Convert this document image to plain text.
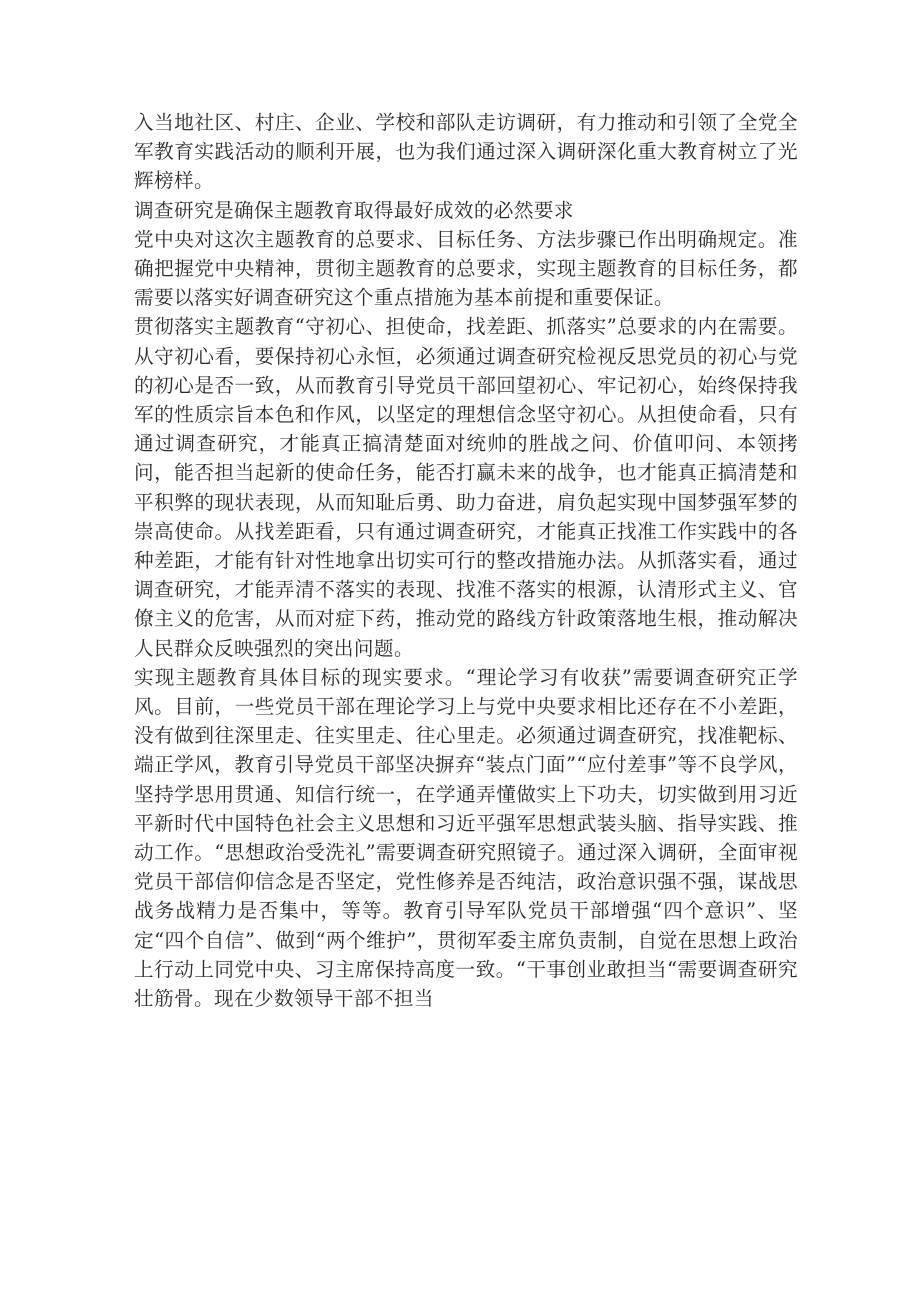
入当地社区、村庄、企业、学校和部队走访调研，有力推动和引领了全党全军教育实践活动的顺利开展，也为我们通过深入调研深化重大教育树立了光辉榜样。

调查研究是确保主题教育取得最好成效的必然要求

党中央对这次主题教育的总要求、目标任务、方法步骤已作出明确规定。准确把握党中央精神，贯彻主题教育的总要求，实现主题教育的目标任务，都需要以落实好调查研究这个重点措施为基本前提和重要保证。

贯彻落实主题教育“守初心、担使命，找差距、抓落实”总要求的内在需要。从守初心看，要保持初心永恒，必须通过调查研究检视反思党员的初心与党的初心是否一致，从而教育引导党员干部回望初心、牢记初心，始终保持我军的性质宗旨本色和作风，以坚定的理想信念坚守初心。从担使命看，只有通过调查研究，才能真正搞清楚面对统帅的胜战之问、价值叩问、本领拷问，能否担当起新的使命任务，能否打赢未来的战争，也才能真正搞清楚和平积弊的现状表现，从而知耻后勇、助力奋进，肩负起实现中国梦强军梦的崇高使命。从找差距看，只有通过调查研究，才能真正找准工作实践中的各种差距，才能有针对性地拿出切实可行的整改措施办法。从抓落实看，通过调查研究，才能弄清不落实的表现、找准不落实的根源，认清形式主义、官僚主义的危害，从而对症下药，推动党的路线方针政策落地生根，推动解决人民群众反映强烈的突出问题。

实现主题教育具体目标的现实要求。“理论学习有收获”需要调查研究正学风。目前，一些党员干部在理论学习上与党中央要求相比还存在不小差距，没有做到往深里走、往实里走、往心里走。必须通过调查研究，找准靶标、端正学风，教育引导党员干部坚决摒弃“装点门面”“应付差事”等不良学风，坚持学思用贯通、知信行统一，在学通弄懂做实上下功夫，切实做到用习近平新时代中国特色社会主义思想和习近平强军思想武装头脑、指导实践、推动工作。“思想政治受洗礼”需要调查研究照镜子。通过深入调研，全面审视党员干部信仰信念是否坚定，党性修养是否纯洁，政治意识强不强，谋战思战务战精力是否集中，等等。教育引导军队党员干部增强“四个意识”、坚定“四个自信”、做到“两个维护”，贯彻军委主席负责制，自觉在思想上政治上行动上同党中央、习主席保持高度一致。“干事创业敢担当“需要调查研究壮筋骨。现在少数领导干部不担当
